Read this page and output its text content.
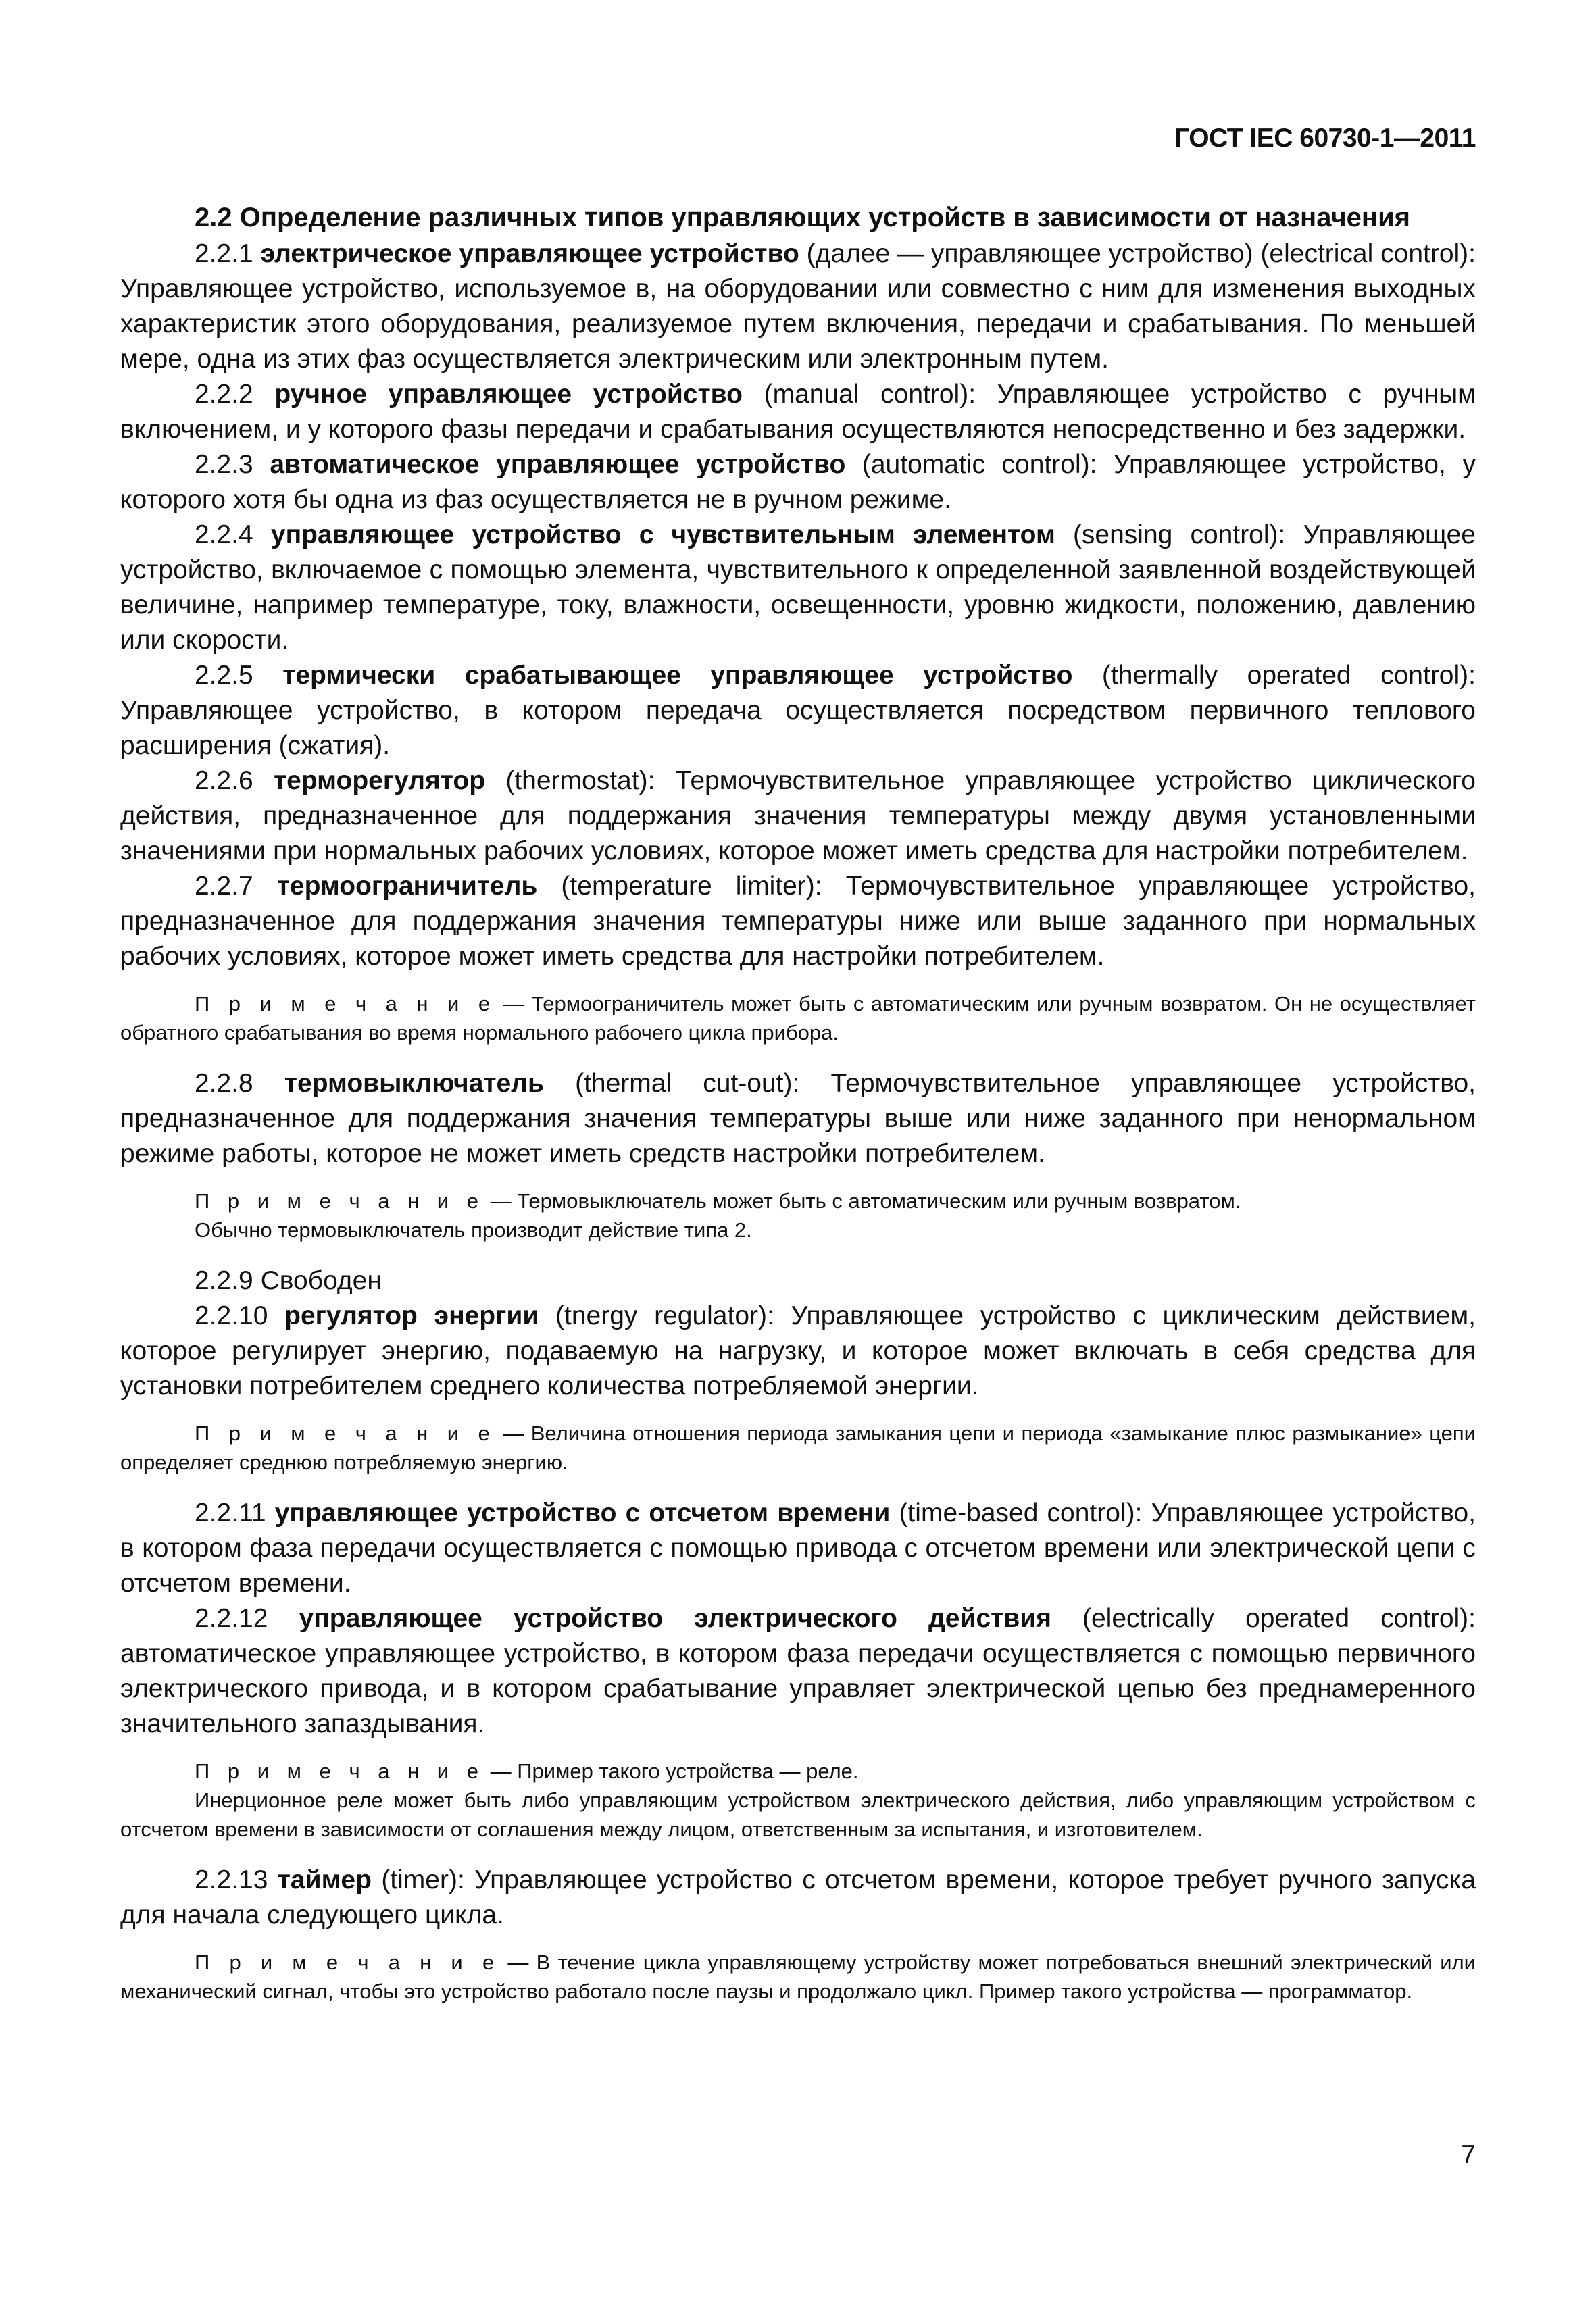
ГОСТ IEC 60730-1—2011

2.2 Определение различных типов управляющих устройств в зависимости от назначения

2.2.1 электрическое управляющее устройство (далее — управляющее устройство) (electrical control): Управляющее устройство, используемое в, на оборудовании или совместно с ним для изменения выходных характеристик этого оборудования, реализуемое путем включения, передачи и срабатывания. По меньшей мере, одна из этих фаз осуществляется электрическим или электронным путем.

2.2.2 ручное управляющее устройство (manual control): Управляющее устройство с ручным включением, и у которого фазы передачи и срабатывания осуществляются непосредственно и без задержки.

2.2.3 автоматическое управляющее устройство (automatic control): Управляющее устройство, у которого хотя бы одна из фаз осуществляется не в ручном режиме.

2.2.4 управляющее устройство с чувствительным элементом (sensing control): Управляющее устройство, включаемое с помощью элемента, чувствительного к определенной заявленной воздействующей величине, например температуре, току, влажности, освещенности, уровню жидкости, положению, давлению или скорости.

2.2.5 термически срабатывающее управляющее устройство (thermally operated control): Управляющее устройство, в котором передача осуществляется посредством первичного теплового расширения (сжатия).

2.2.6 терморегулятор (thermostat): Термочувствительное управляющее устройство циклического действия, предназначенное для поддержания значения температуры между двумя установленными значениями при нормальных рабочих условиях, которое может иметь средства для настройки потребителем.

2.2.7 термоограничитель (temperature limiter): Термочувствительное управляющее устройство, предназначенное для поддержания значения температуры ниже или выше заданного при нормальных рабочих условиях, которое может иметь средства для настройки потребителем.

П р и м е ч а н и е — Термоограничитель может быть с автоматическим или ручным возвратом. Он не осуществляет обратного срабатывания во время нормального рабочего цикла прибора.

2.2.8 термовыключатель (thermal cut-out): Термочувствительное управляющее устройство, предназначенное для поддержания значения температуры выше или ниже заданного при ненормальном режиме работы, которое не может иметь средств настройки потребителем.

П р и м е ч а н и е — Термовыключатель может быть с автоматическим или ручным возвратом.

Обычно термовыключатель производит действие типа 2.

2.2.9 Свободен

2.2.10 регулятор энергии (tnergy regulator): Управляющее устройство с циклическим действием, которое регулирует энергию, подаваемую на нагрузку, и которое может включать в себя средства для установки потребителем среднего количества потребляемой энергии.

П р и м е ч а н и е — Величина отношения периода замыкания цепи и периода «замыкание плюс размыкание» цепи определяет среднюю потребляемую энергию.

2.2.11 управляющее устройство с отсчетом времени (time-based control): Управляющее устройство, в котором фаза передачи осуществляется с помощью привода с отсчетом времени или электрической цепи с отсчетом времени.

2.2.12 управляющее устройство электрического действия (electrically operated control): автоматическое управляющее устройство, в котором фаза передачи осуществляется с помощью первичного электрического привода, и в котором срабатывание управляет электрической цепью без преднамеренного значительного запаздывания.

П р и м е ч а н и е — Пример такого устройства — реле.

Инерционное реле может быть либо управляющим устройством электрического действия, либо управляющим устройством с отсчетом времени в зависимости от соглашения между лицом, ответственным за испытания, и изготовителем.

2.2.13 таймер (timer): Управляющее устройство с отсчетом времени, которое требует ручного запуска для начала следующего цикла.

П р и м е ч а н и е — В течение цикла управляющему устройству может потребоваться внешний электрический или механический сигнал, чтобы это устройство работало после паузы и продолжало цикл. Пример такого устройства — программатор.

7
